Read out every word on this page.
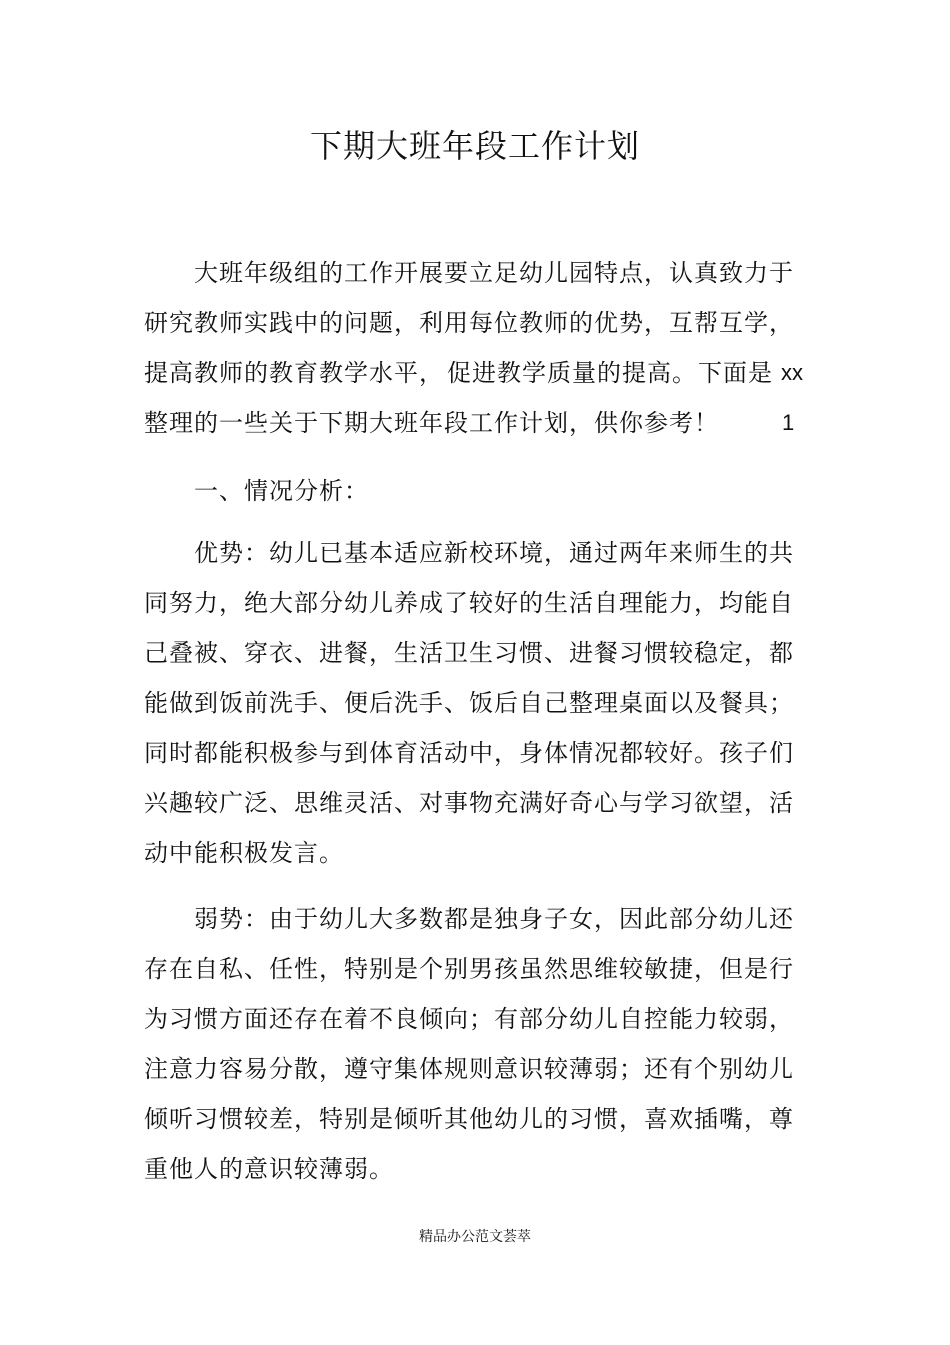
下期大班年段工作计划
大班年级组的工作开展要立足幼儿园特点，认真致力于
研究教师实践中的问题，利用每位教师的优势，互帮互学，
提高教师的教育教学水平， 促进教学质量的提高。 下面是 xx
整理的一些关于下期大班年段工作计划，供你参考！	1
一、情况分析：
优势：幼儿已基本适应新校环境，通过两年来师生的共
同努力，绝大部分幼儿养成了较好的生活自理能力，均能自
己叠被、穿衣、进餐，生活卫生习惯、进餐习惯较稳定，都
能做到饭前洗手、便后洗手、饭后自己整理桌面以及餐具；
同时都能积极参与到体育活动中，身体情况都较好。孩子们
兴趣较广泛、思维灵活、对事物充满好奇心与学习欲望，活
动中能积极发言。
弱势：由于幼儿大多数都是独身子女，因此部分幼儿还
存在自私、任性，特别是个别男孩虽然思维较敏捷，但是行
为习惯方面还存在着不良倾向；有部分幼儿自控能力较弱，
注意力容易分散，遵守集体规则意识较薄弱；还有个别幼儿
倾听习惯较差，特别是倾听其他幼儿的习惯，喜欢插嘴，尊
重他人的意识较薄弱。
精品办公范文荟萃
